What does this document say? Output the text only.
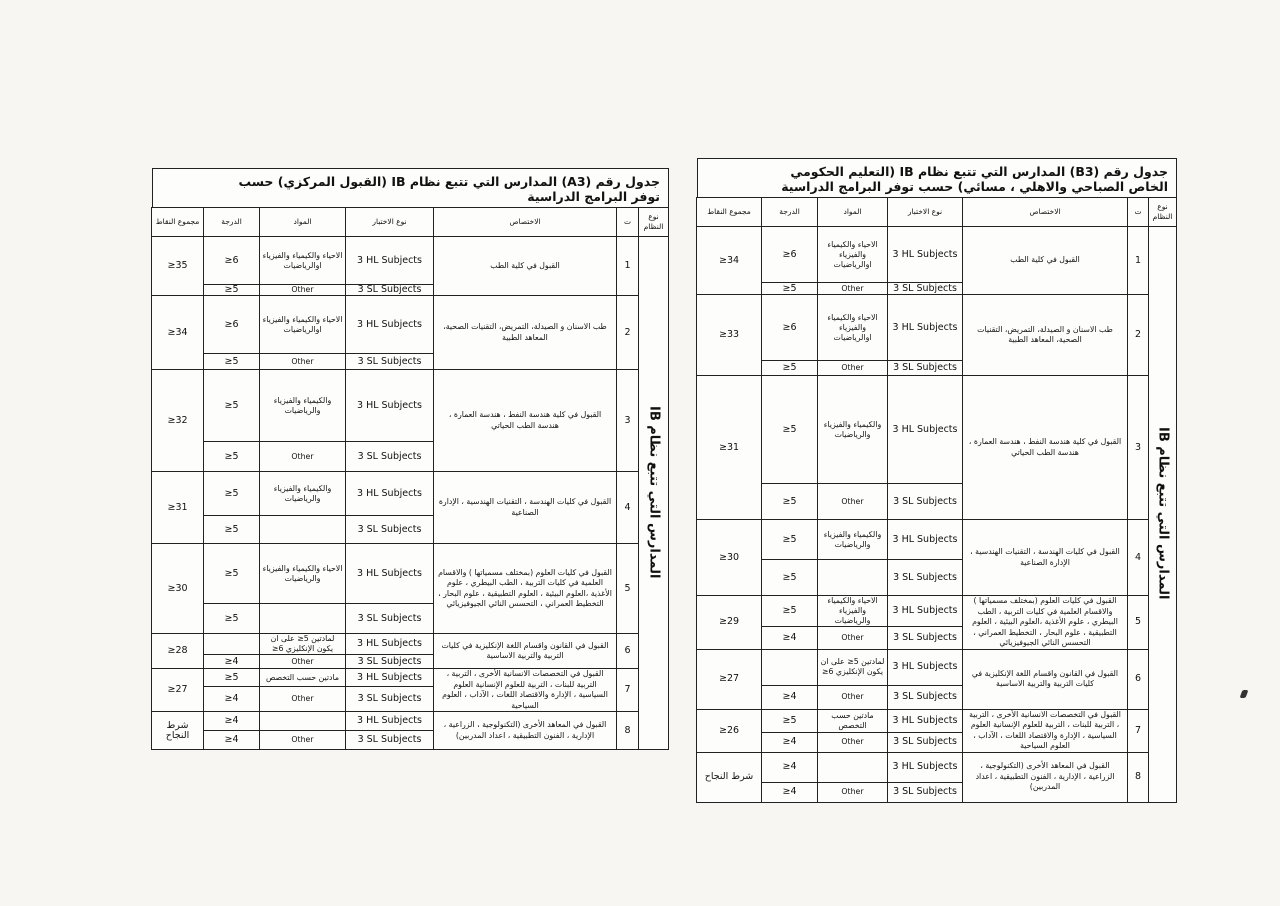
جدول رقم (B3) المدارس التي تتبع نظام IB (التعليم الحكومي الخاص الصباحي والاهلي ، مسائي) حسب توفر البرامج الدراسية
نوع النظام	ت	الاختصاص	نوع الاختبار	المواد	الدرجة	مجموع النقاط
المدارس التي تتبع نظام IB	1	القبول في كلية الطب	3 HL Subjects	الاحياء والكيمياء والفيزياء اوالرياضيات	6≤	34≤
			3 SL Subjects	Other	5≤	
	2	طب الاسنان و الصيدلة، التمريض، التقنيات الصحية، المعاهد الطبية	3 HL Subjects	الاحياء والكيمياء والفيزياء اوالرياضيات	6≤	33≤
			3 SL Subjects	Other	5≤	
	3	القبول في كلية هندسة النفط ، هندسة العمارة ، هندسة الطب الحياتي	3 HL Subjects	والكيمياء والفيزياء والرياضيات	5≤	31≤
			3 SL Subjects	Other	5≤	
	4	القبول في كليات الهندسة ، التقنيات الهندسية ، الإدارة الصناعية	3 HL Subjects	والكيمياء والفيزياء والرياضيات	5≤	30≤
			3 SL Subjects		5≤	
	5	القبول في كليات العلوم (بمختلف مسمياتها ) والاقسام العلمية في كليات التربية ، الطب البيطري ، علوم الأغذية ،العلوم البيئية ، العلوم التطبيقية ، علوم البحار ، التخطيط العمراني ، التحسس النائي الجيوفيزيائي	3 HL Subjects	الاحياء والكيمياء والفيزياء والرياضيات	5≤	29≤
			3 SL Subjects	Other	4≤	
	6	القبول في القانون واقسام اللغة الإنكليزية في كليات التربية والتربية الاساسية	3 HL Subjects	لمادتين 5≤ على ان يكون الإنكليزي 6≤		27≤
			3 SL Subjects	Other	4≤	
	7	القبول في التخصصات الانسانية الأخرى ، التربية ، التربية للبنات ، التربية للعلوم الإنسانية العلوم السياسية ، الإدارة والاقتصاد اللغات ، الآداب ، العلوم السياحية	3 HL Subjects	مادتين حسب التخصص	5≤	26≤
			3 SL Subjects	Other	4≤	
	8	القبول في المعاهد الأخرى (التكنولوجية ، الزراعية ، الإدارية ، الفنون التطبيقية ، اعداد المدربين)	3 HL Subjects		4≤	شرط النجاح
			3 SL Subjects	Other	4≤	
جدول رقم (A3) المدارس التي تتبع نظام IB (القبول المركزي) حسب توفر البرامج الدراسية
نوع النظام	ت	الاختصاص	نوع الاختبار	المواد	الدرجة	مجموع النقاط
المدارس التي تتبع نظام IB	1	القبول في كلية الطب	3 HL Subjects	الاحياء والكيمياء والفيزياء اوالرياضيات	6≤	35≤
			3 SL Subjects	Other	5≤	
	2	طب الاسنان و الصيدلة، التمريض، التقنيات الصحية، المعاهد الطبية	3 HL Subjects	الاحياء والكيمياء والفيزياء اوالرياضيات	6≤	34≤
			3 SL Subjects	Other	5≤	
	3	القبول في كلية هندسة النفط ، هندسة العمارة ، هندسة الطب الحياتي	3 HL Subjects	والكيمياء والفيزياء والرياضيات	5≤	32≤
			3 SL Subjects	Other	5≤	
	4	القبول في كليات الهندسة ، التقنيات الهندسية ، الإدارة الصناعية	3 HL Subjects	والكيمياء والفيزياء والرياضيات	5≤	31≤
			3 SL Subjects		5≤	
	5	القبول في كليات العلوم (بمختلف مسمياتها ) والاقسام العلمية في كليات التربية ، الطب البيطري ، علوم الأغذية ،العلوم البيئية ، العلوم التطبيقية ، علوم البحار ، التخطيط العمراني ، التحسس النائي الجيوفيزيائي	3 HL Subjects	الاحياء والكيمياء والفيزياء والرياضيات	5≤	30≤
			3 SL Subjects		5≤	
	6	القبول في القانون واقسام اللغة الإنكليزية في كليات التربية والتربية الاساسية	3 HL Subjects	لمادتين 5≤ على ان يكون الإنكليزي 6≤		28≤
			3 SL Subjects	Other	4≤	
	7	القبول في التخصصات الانسانية الأخرى ، التربية ، التربية للبنات ، التربية للعلوم الإنسانية العلوم السياسية ، الإدارة والاقتصاد اللغات ، الآداب ، العلوم السياحية	3 HL Subjects	مادتين حسب التخصص	5≤	27≤
			3 SL Subjects	Other	4≤	
	8	القبول في المعاهد الأخرى (التكنولوجية ، الزراعية ، الإدارية ، الفنون التطبيقية ، اعداد المدربين)	3 HL Subjects		4≤	شرط النجاح
			3 SL Subjects	Other	4≤	
